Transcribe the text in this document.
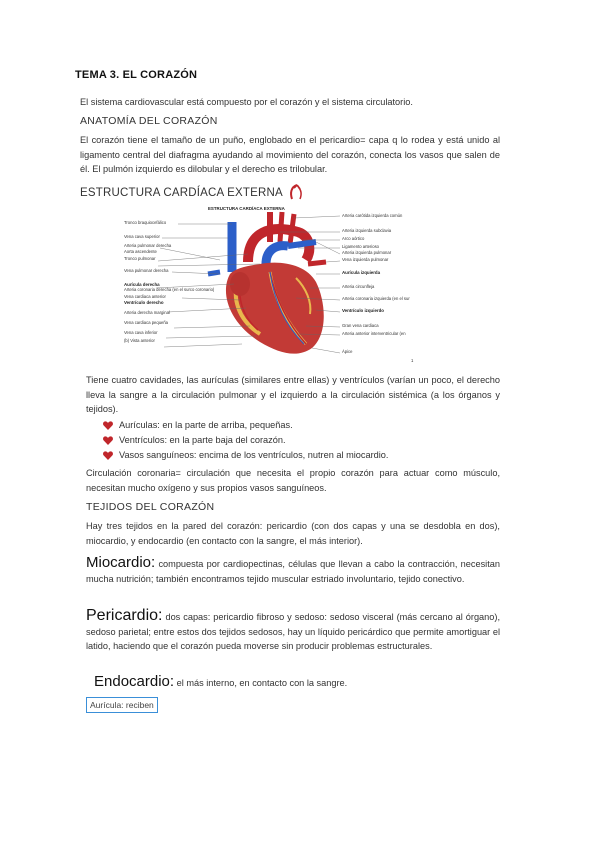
TEMA 3. EL CORAZÓN
El sistema cardiovascular está compuesto por el corazón y el sistema circulatorio.
ANATOMÍA DEL CORAZÓN
El corazón tiene el tamaño de un puño, englobado en el pericardio= capa q lo rodea y está unido al ligamento central del diafragma ayudando al movimiento del corazón, conecta los vasos que salen de él. El pulmón izquierdo es dilobular y el derecho es trilobular.
ESTRUCTURA CARDÍACA EXTERNA
ESTRUCTURA CARDÍACA EXTERNA
Tronco braquiocefálico
Vena cava superior
Arteria pulmonar derecha
Aorta ascendente
Tronco pulmonar
Vena pulmonar derecha
Aurícula derecha
Arteria coronaria derecha (en el surco coronario)
Vena cardiaca anterior
Ventrículo derecho
Arteria derecha marginal
Vena cardiaca pequeña
Vena cava inferior
(b) Vista anterior
Arteria carótida izquierda común
Arteria izquierda subclavia
Arco aórtico
Ligamento arterioso
Arteria izquierda pulmonar
Vena izquierda pulmonar
Aurícula izquierda
Arteria circunfleja
Arteria coronaria izquierda (en el sur
Ventrículo izquierdo
Gran vena cardiaca
Arteria anterior interventricular (en
Ápice
1
Tiene cuatro cavidades, las aurículas (similares entre ellas) y ventrículos (varían un poco, el derecho lleva la sangre a la circulación pulmonar y el izquierdo a la circulación sistémica (a los órganos y tejidos).
Aurículas: en la parte de arriba, pequeñas.
Ventrículos: en la parte baja del corazón.
Vasos sanguíneos: encima de los ventrículos, nutren al miocardio.
Circulación coronaria= circulación que necesita el propio corazón para actuar como músculo, necesitan mucho oxígeno y sus propios vasos sanguíneos.
TEJIDOS DEL CORAZÓN
Hay tres tejidos en la pared del corazón: pericardio (con dos capas y una se desdobla en dos), miocardio, y endocardio (en contacto con la sangre, el más interior).
Miocardio: compuesta por cardiopectinas, células que llevan a cabo la contracción, necesitan mucha nutrición; también encontramos tejido muscular estriado involuntario, tejido conectivo.
Pericardio: dos capas: pericardio fibroso y sedoso: sedoso visceral (más cercano al órgano), sedoso parietal; entre estos dos tejidos sedosos, hay un líquido pericárdico que permite amortiguar el latido, haciendo que el corazón pueda moverse sin producir problemas estructurales.
Endocardio: el más interno, en contacto con la sangre.
Aurícula: reciben
